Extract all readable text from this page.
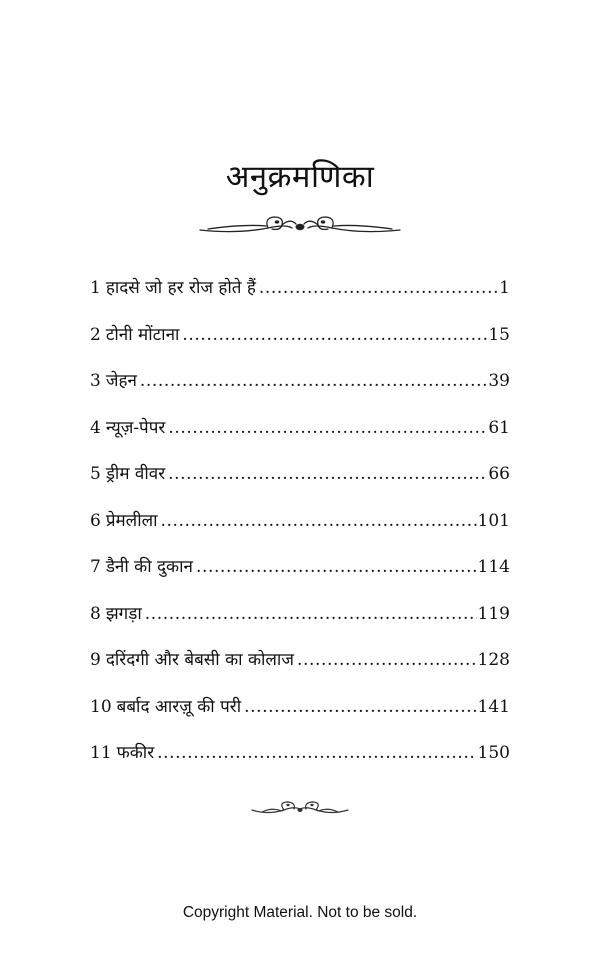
अनुक्रमणिका
1 हादसे जो हर रोज होते हैं .....	1
2 टोनी मोंटाना .....	15
3 जेहन .....	39
4 न्यूज़-पेपर .....	61
5 ड्रीम वीवर .....	66
6 प्रेमलीला .....	101
7 डैनी की दुकान .....	114
8 झगड़ा .....	119
9 दरिंदगी और बेबसी का कोलाज .....	128
10 बर्बाद आरज़ू की परी .....	141
11 फकीर .....	150
Copyright Material. Not to be sold.
